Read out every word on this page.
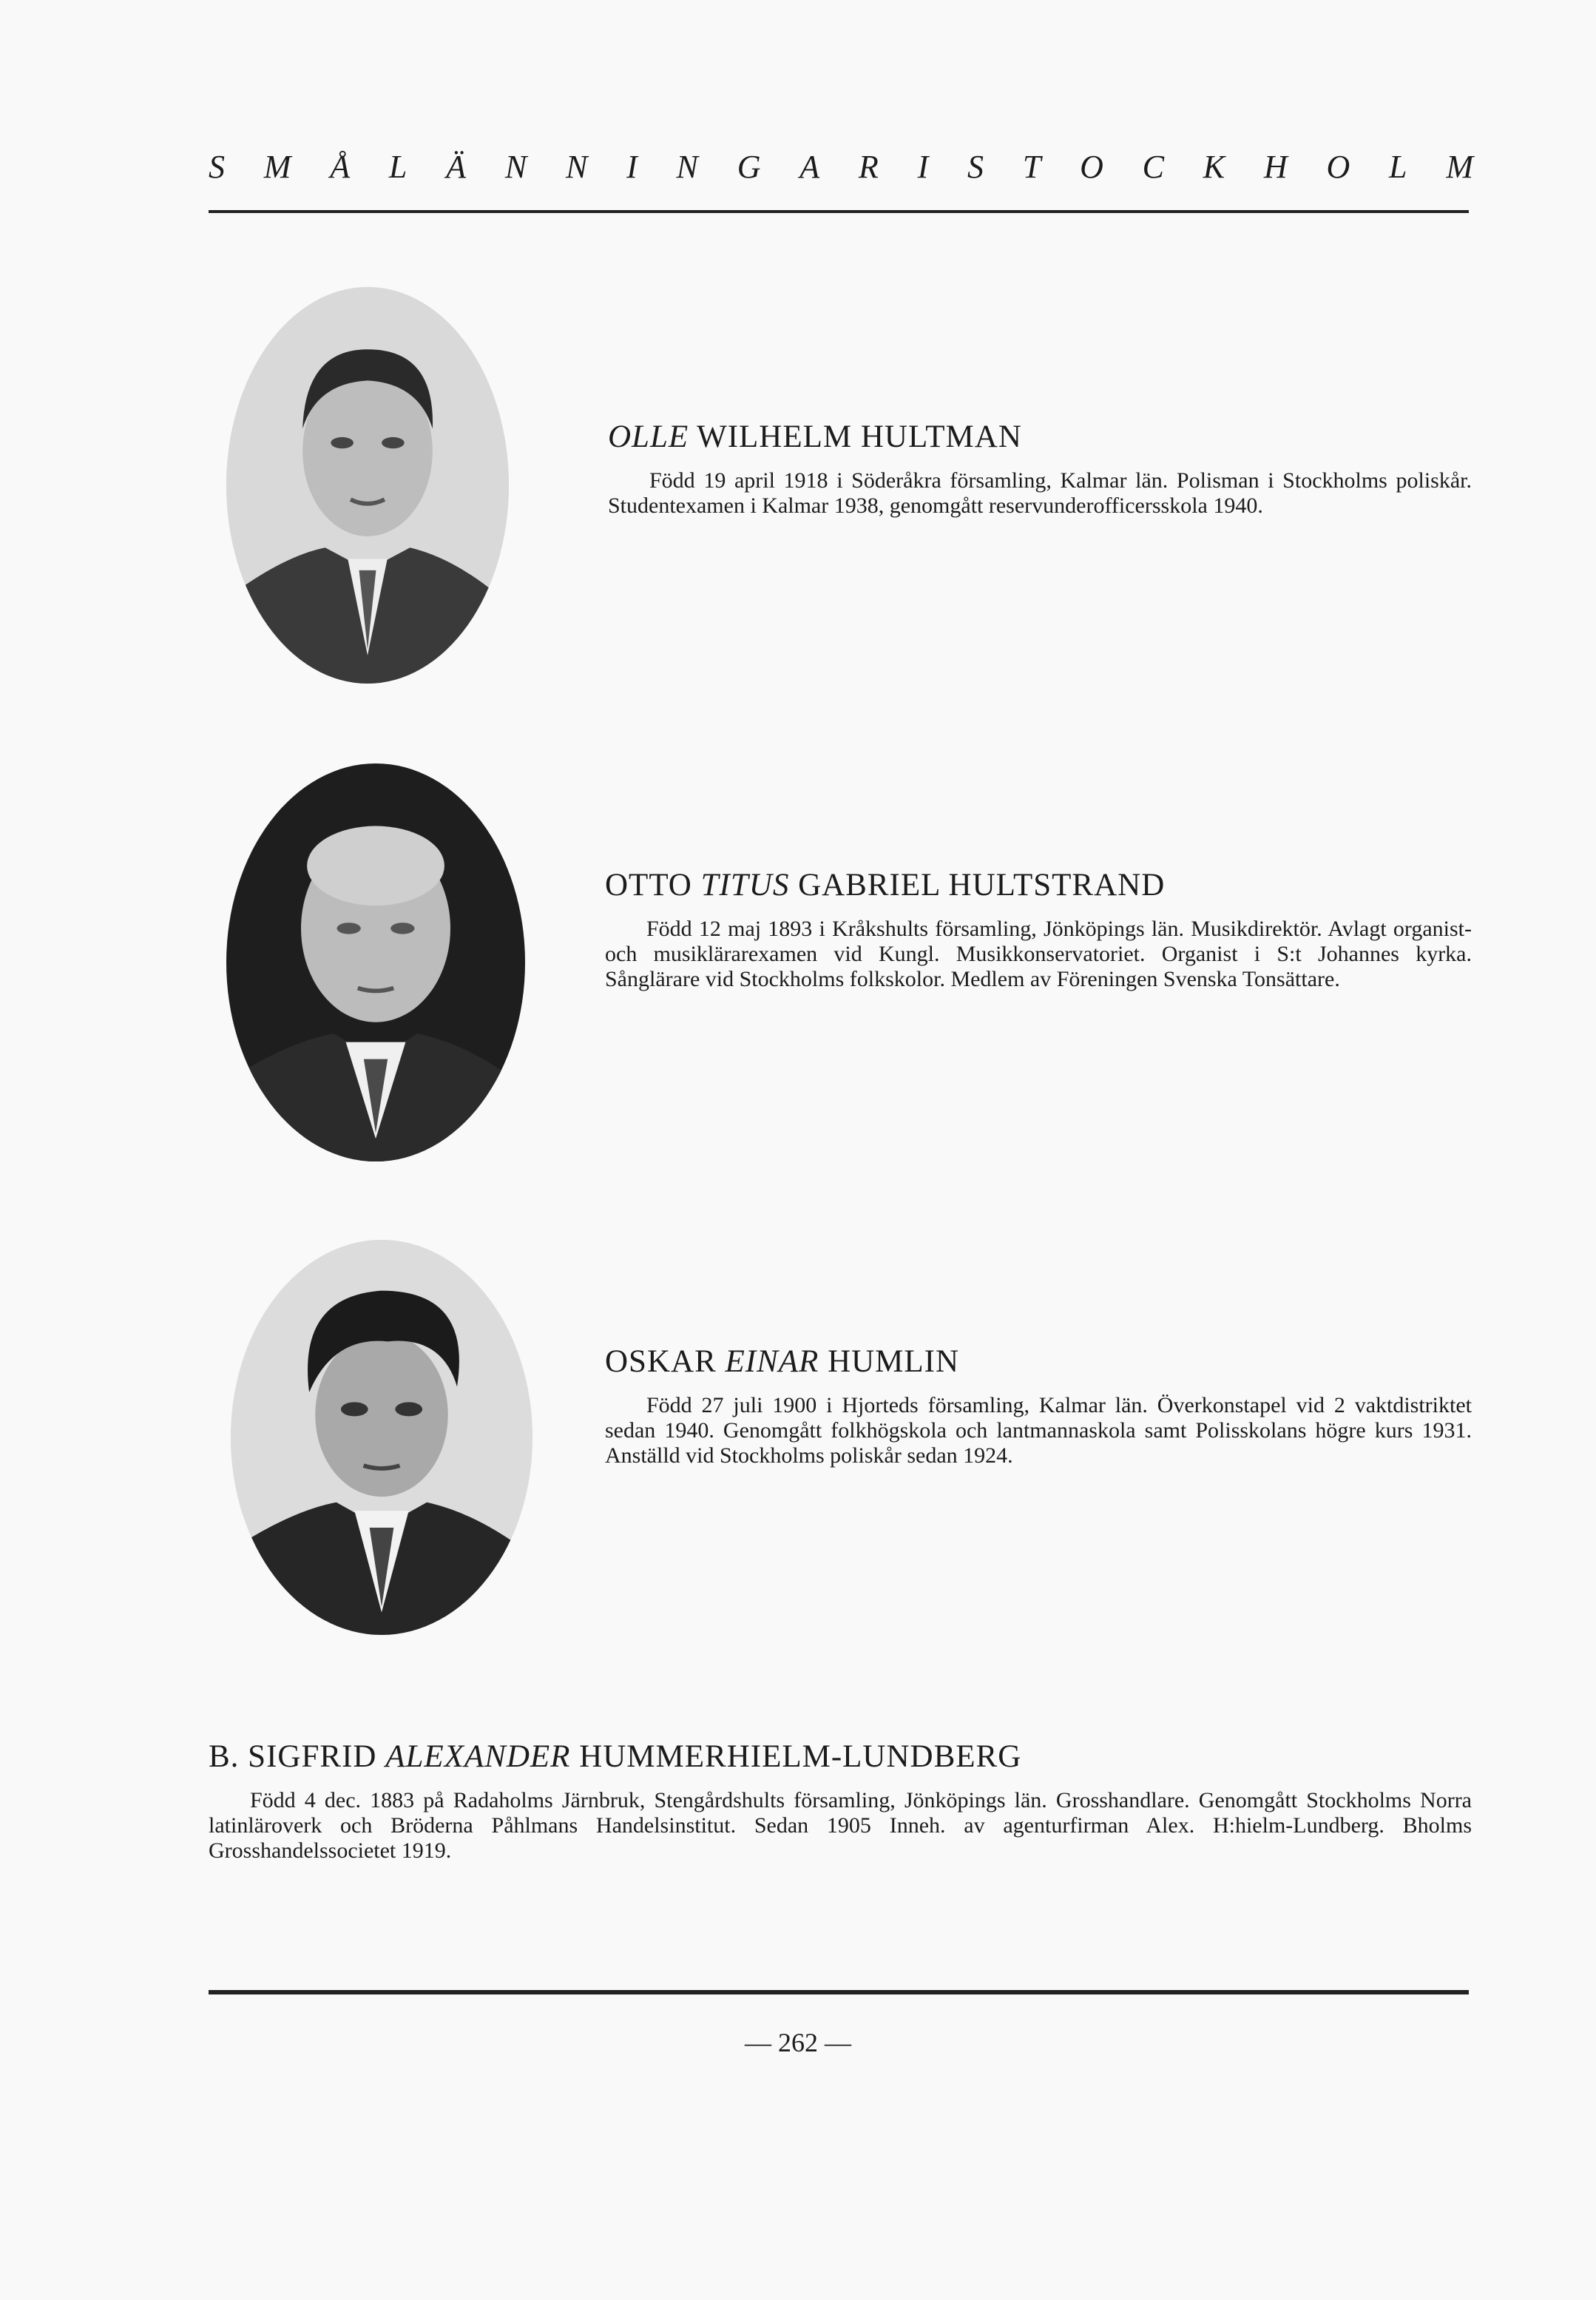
S M Å L Ä N N I N G A R I S T O C K H O L M
OLLE WILHELM HULTMAN

Född 19 april 1918 i Söderåkra församling, Kalmar län. Polisman i Stockholms poliskår. Studentexamen i Kalmar 1938, genomgått reservunderofficersskola 1940.

OTTO TITUS GABRIEL HULTSTRAND

Född 12 maj 1893 i Kråkshults församling, Jönköpings län. Musikdirektör. Avlagt organist- och musiklärarexamen vid Kungl. Musikkonservatoriet. Organist i S:t Johannes kyrka. Sånglärare vid Stockholms folkskolor. Medlem av Föreningen Svenska Tonsättare.

OSKAR EINAR HUMLIN

Född 27 juli 1900 i Hjorteds församling, Kalmar län. Överkonstapel vid 2 vaktdistriktet sedan 1940. Genomgått folkhögskola och lantmannaskola samt Polisskolans högre kurs 1931. Anställd vid Stockholms poliskår sedan 1924.

B. SIGFRID ALEXANDER HUMMERHIELM-LUNDBERG

Född 4 dec. 1883 på Radaholms Järnbruk, Stengårdshults församling, Jönköpings län. Grosshandlare. Genomgått Stockholms Norra latinläroverk och Bröderna Påhlmans Handelsinstitut. Sedan 1905 Inneh. av agenturfirman Alex. H:hielm-Lundberg. Bholms Grosshandelssocietet 1919.

— 262 —
